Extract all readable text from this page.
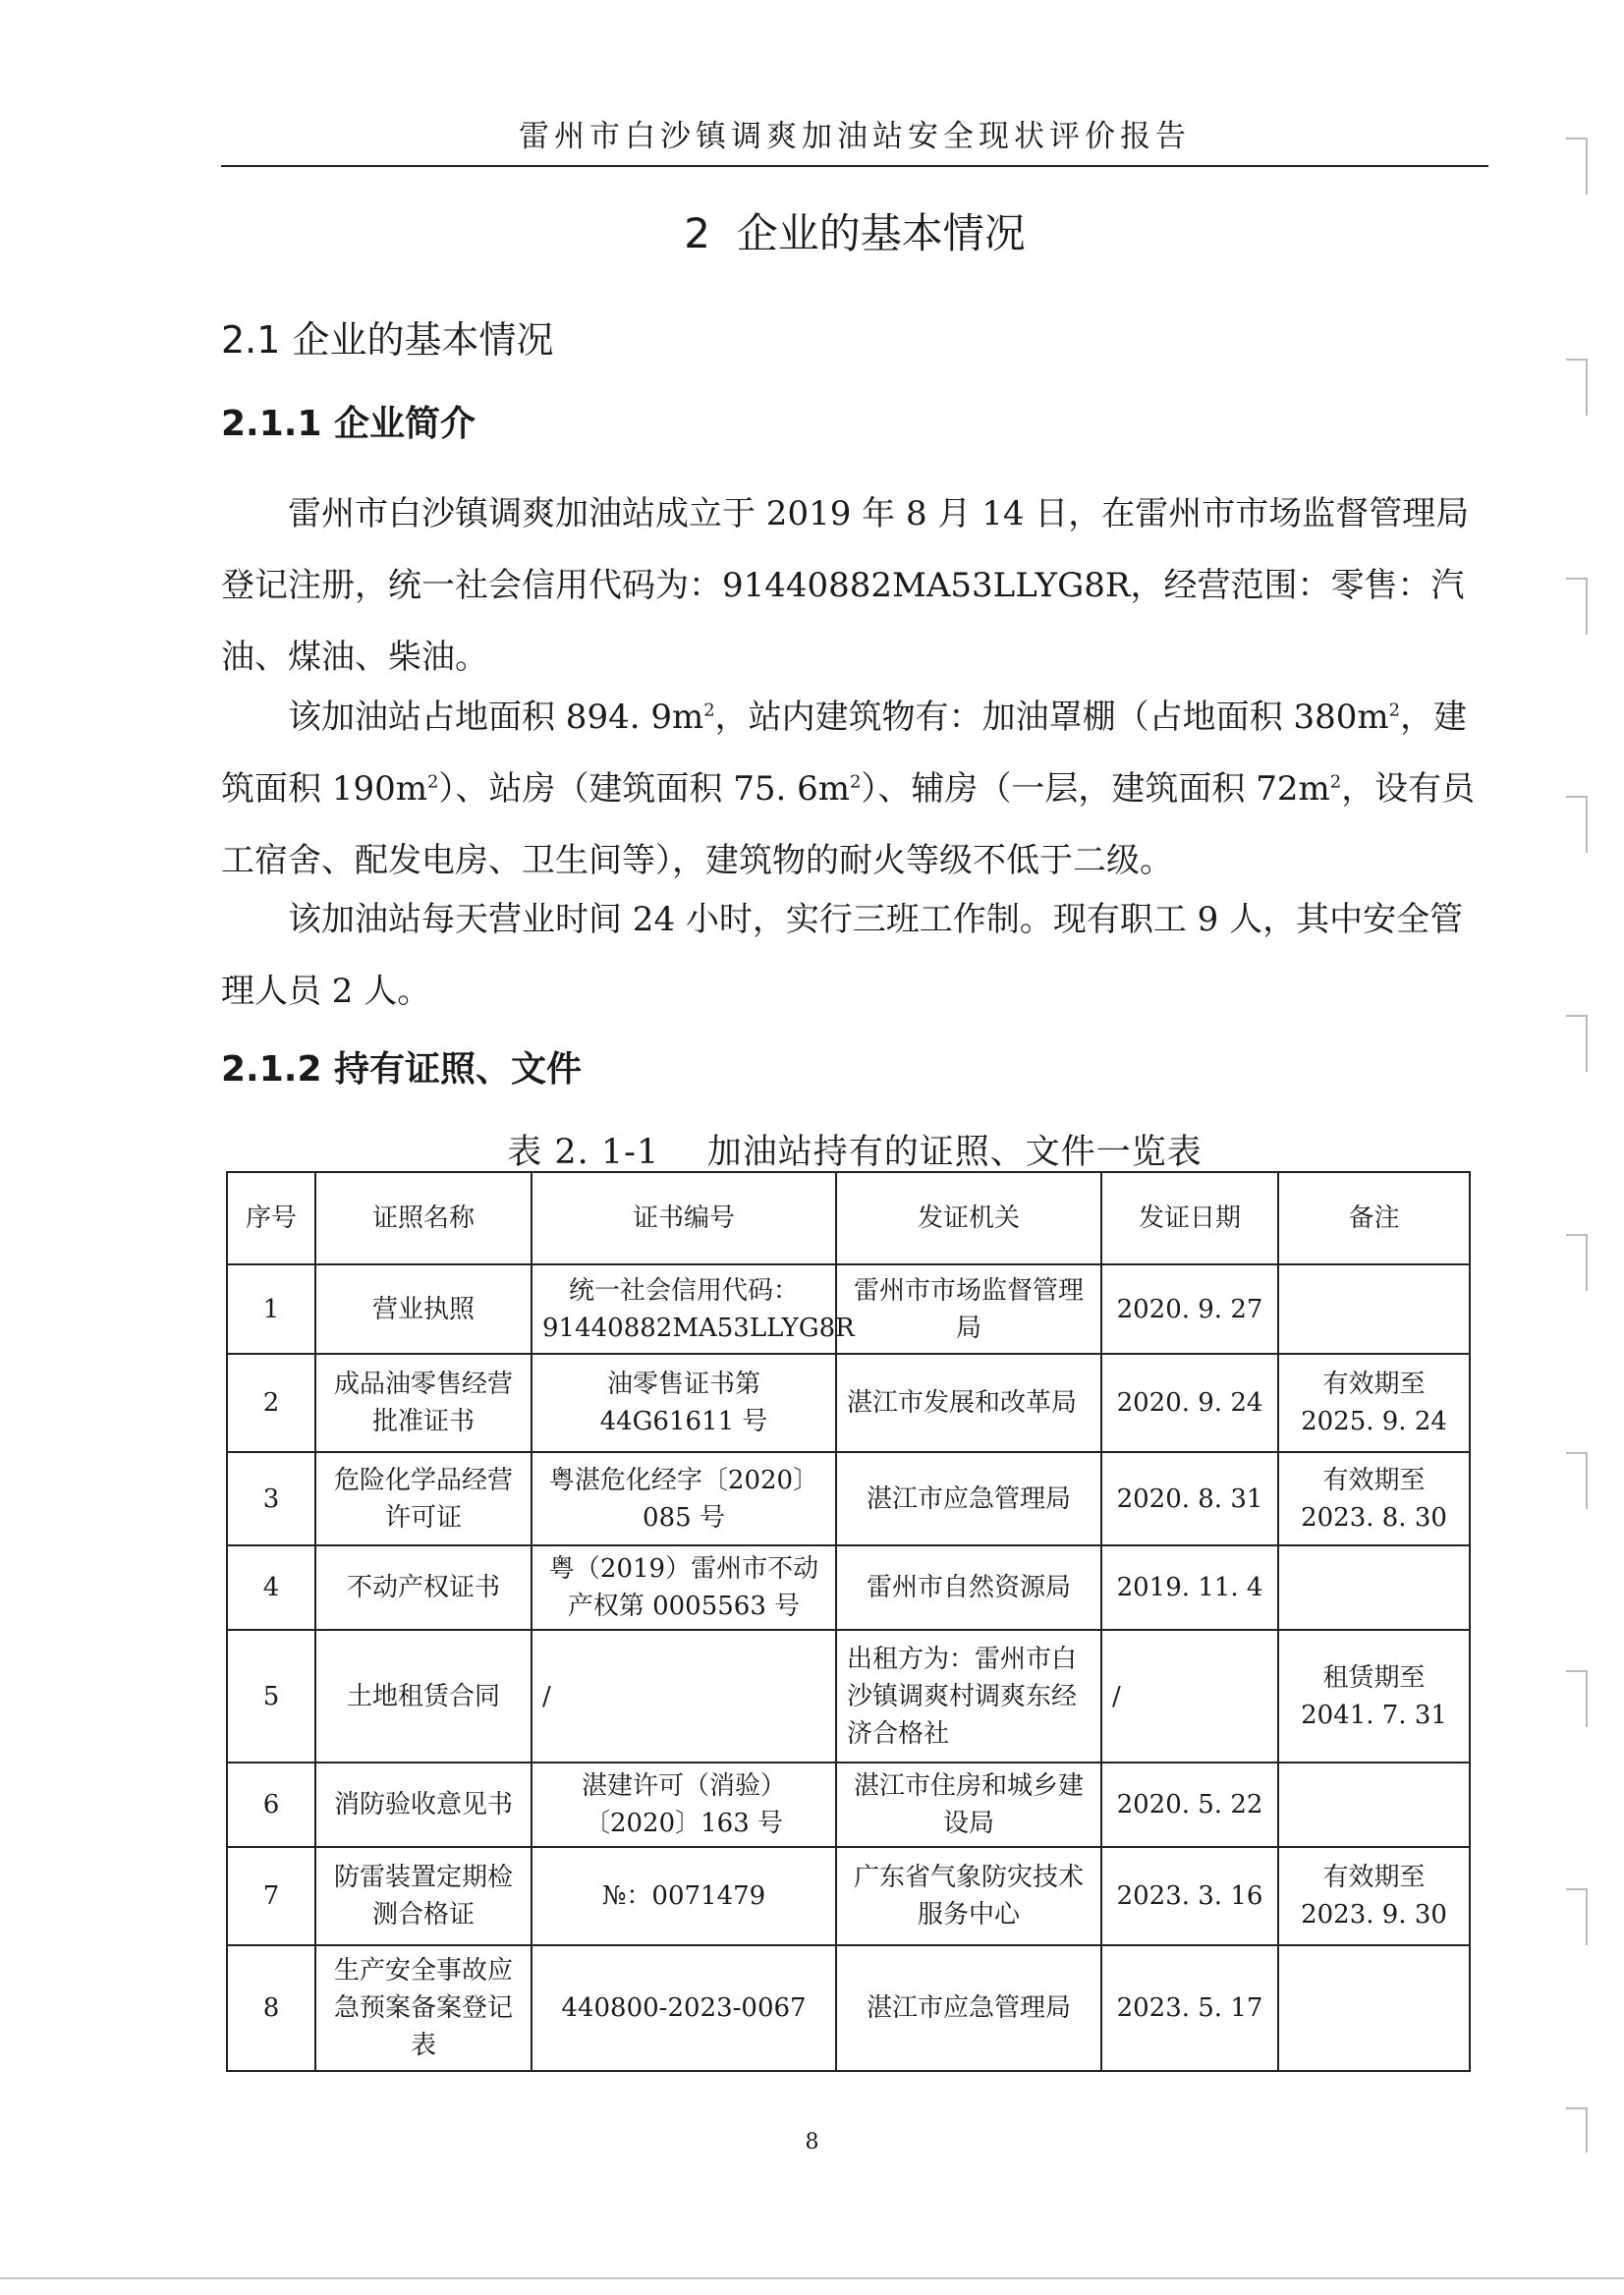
雷州市白沙镇调爽加油站安全现状评价报告
2  企业的基本情况
2.1 企业的基本情况
2.1.1 企业简介

雷州市白沙镇调爽加油站成立于 2019 年 8 月 14 日，在雷州市市场监督管理局登记注册，统一社会信用代码为：91440882MA53LLYG8R，经营范围：零售：汽油、煤油、柴油。

该加油站占地面积 894. $9m^2$，站内建筑物有：加油罩棚（占地面积 $380m^2$，建筑面积 $190m^2$）、站房（建筑面积 75. $6m^2$）、辅房（一层，建筑面积 $72m^2$，设有员工宿舍、配发电房、卫生间等），建筑物的耐火等级不低于二级。

该加油站每天营业时间 24 小时，实行三班工作制。现有职工 9 人，其中安全管理人员 2 人。

2.1.2 持有证照、文件
表 2. 1-1    加油站持有的证照、文件一览表
序号	证照名称	证书编号	发证机关	发证日期	备注
1	营业执照	统一社会信用代码：91440882MA53LLYG8R	雷州市市场监督管理局	2020. 9. 27	
2	成品油零售经营批准证书	油零售证书第44G61611 号	湛江市发展和改革局	2020. 9. 24	有效期至2025. 9. 24
3	危险化学品经营许可证	粤湛危化经字〔2020〕085 号	湛江市应急管理局	2020. 8. 31	有效期至2023. 8. 30
4	不动产权证书	粤（2019）雷州市不动产权第 0005563 号	雷州市自然资源局	2019. 11. 4	
5	土地租赁合同	/	出租方为：雷州市白沙镇调爽村调爽东经济合格社	/	租赁期至2041. 7. 31
6	消防验收意见书	湛建许可（消验）〔2020〕163 号	湛江市住房和城乡建设局	2020. 5. 22	
7	防雷装置定期检测合格证	№：0071479	广东省气象防灾技术服务中心	2023. 3. 16	有效期至2023. 9. 30
8	生产安全事故应急预案备案登记表	440800-2023-0067	湛江市应急管理局	2023. 5. 17	
8
